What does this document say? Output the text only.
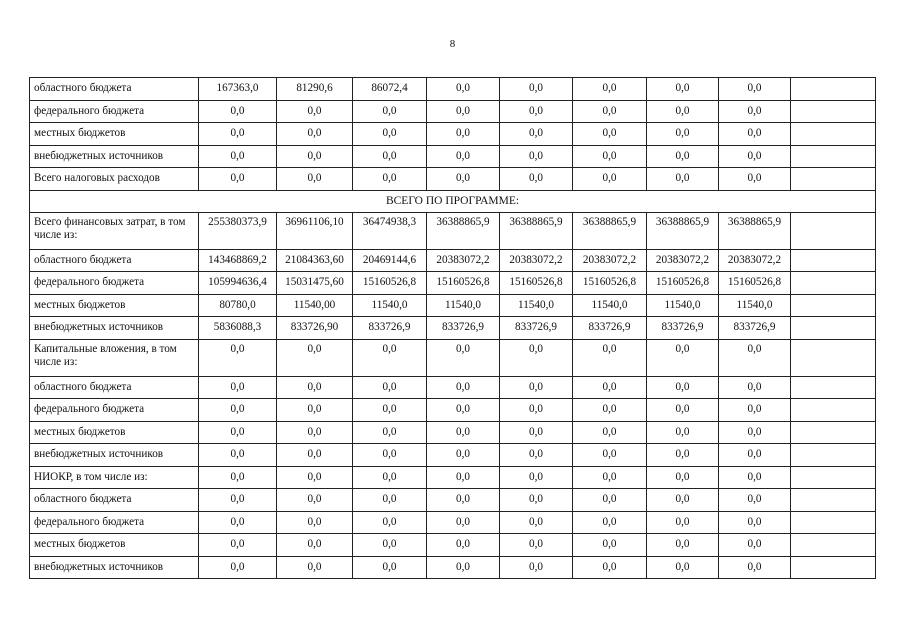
8
областного бюджета	167363,0	81290,6	86072,4	0,0	0,0	0,0	0,0	0,0	
федерального бюджета	0,0	0,0	0,0	0,0	0,0	0,0	0,0	0,0	
местных бюджетов	0,0	0,0	0,0	0,0	0,0	0,0	0,0	0,0	
внебюджетных источников	0,0	0,0	0,0	0,0	0,0	0,0	0,0	0,0	
Всего налоговых расходов	0,0	0,0	0,0	0,0	0,0	0,0	0,0	0,0	
ВСЕГО ПО ПРОГРАММЕ:									
Всего финансовых затрат, в том числе из:	255380373,9	36961106,10	36474938,3	36388865,9	36388865,9	36388865,9	36388865,9	36388865,9	
областного бюджета	143468869,2	21084363,60	20469144,6	20383072,2	20383072,2	20383072,2	20383072,2	20383072,2	
федерального бюджета	105994636,4	15031475,60	15160526,8	15160526,8	15160526,8	15160526,8	15160526,8	15160526,8	
местных бюджетов	80780,0	11540,00	11540,0	11540,0	11540,0	11540,0	11540,0	11540,0	
внебюджетных источников	5836088,3	833726,90	833726,9	833726,9	833726,9	833726,9	833726,9	833726,9	
Капитальные вложения, в том числе из:	0,0	0,0	0,0	0,0	0,0	0,0	0,0	0,0	
областного бюджета	0,0	0,0	0,0	0,0	0,0	0,0	0,0	0,0	
федерального бюджета	0,0	0,0	0,0	0,0	0,0	0,0	0,0	0,0	
местных бюджетов	0,0	0,0	0,0	0,0	0,0	0,0	0,0	0,0	
внебюджетных источников	0,0	0,0	0,0	0,0	0,0	0,0	0,0	0,0	
НИОКР, в том числе из:	0,0	0,0	0,0	0,0	0,0	0,0	0,0	0,0	
областного бюджета	0,0	0,0	0,0	0,0	0,0	0,0	0,0	0,0	
федерального бюджета	0,0	0,0	0,0	0,0	0,0	0,0	0,0	0,0	
местных бюджетов	0,0	0,0	0,0	0,0	0,0	0,0	0,0	0,0	
внебюджетных источников	0,0	0,0	0,0	0,0	0,0	0,0	0,0	0,0	
